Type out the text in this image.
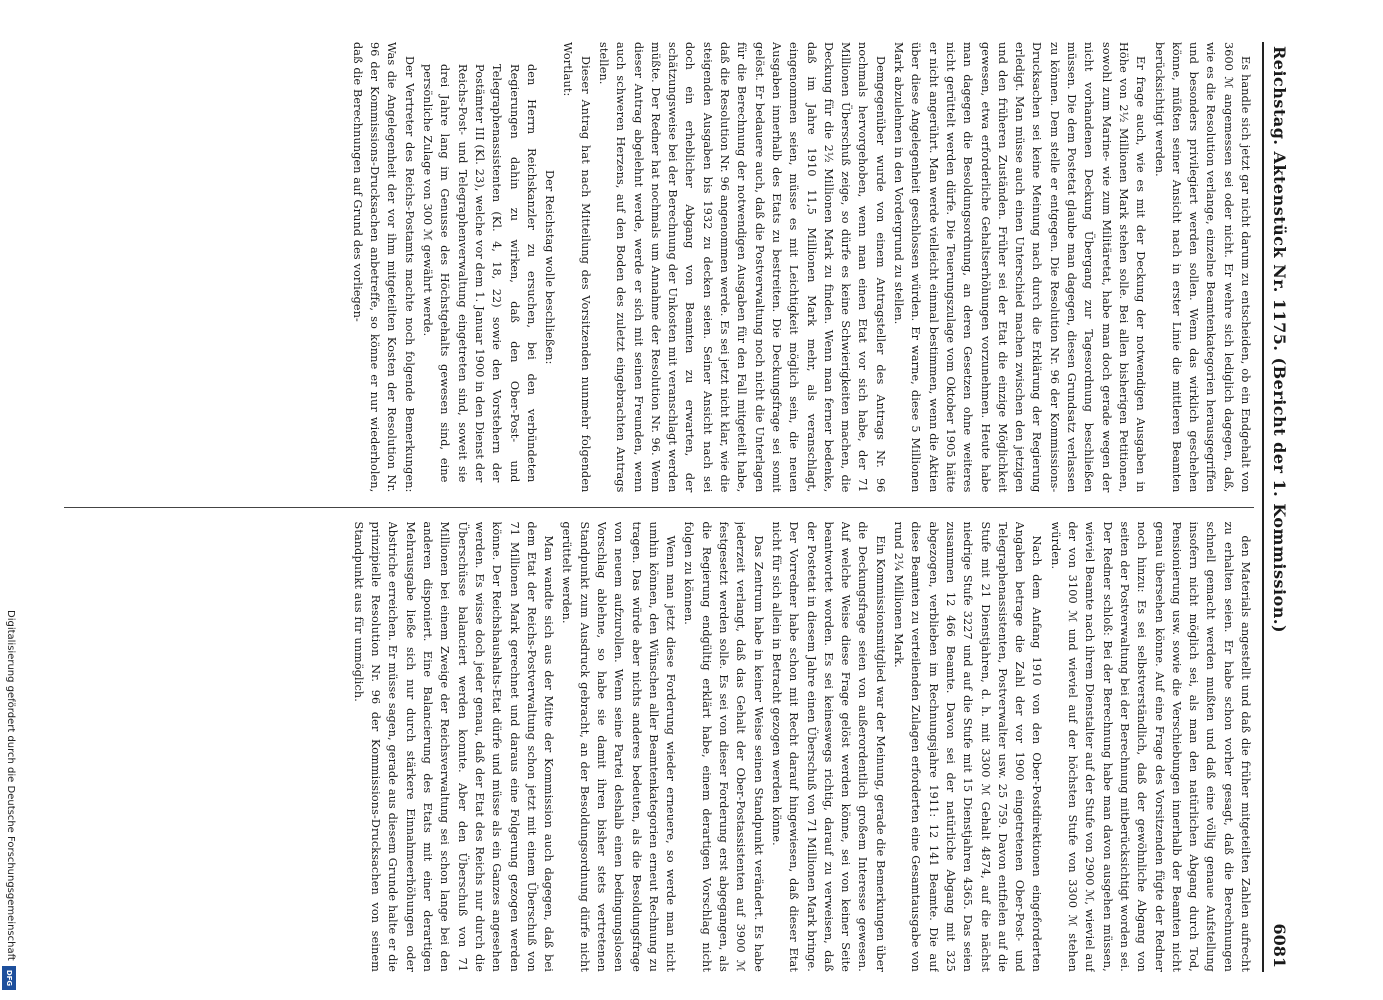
Reichstag. Aktenstück Nr. 1175. (Bericht der 1. Kommission.)
6081

Es handle sich jetzt gar nicht darum zu entscheiden, ob ein Endgehalt von 3600 ℳ angemessen sei oder nicht. Er wehre sich lediglich dagegen, daß, wie es die Resolution verlange, einzelne Beamtenkategorien herausgegriffen und besonders privilegiert werden sollen. Wenn das wirklich geschehen könne, müßten seiner Ansicht nach in erster Linie die mittleren Beamten berücksichtigt werden.

Er frage auch, wie es mit der Deckung der notwendigen Ausgaben in Höhe von 2½ Millionen Mark stehen solle. Bei allen bisherigen Petitionen, sowohl zum Marine- wie zum Militäretat, habe man doch gerade wegen der nicht vorhandenen Deckung Übergang zur Tagesordnung beschließen müssen. Die dem Postetat glaube man dagegen, diesen Grundsatz verlassen zu können. Dem stelle er entgegen. Die Resolution Nr. 96 der Kommissions-Drucksachen sei keine Meinung nach durch die Erklärung der Regierung erledigt. Man müsse auch einen Unterschied machen zwischen den jetzigen und den früheren Zuständen. Früher sei der Etat die einzige Möglichkeit gewesen, etwa erforderliche Gehaltserhöhungen vorzunehmen. Heute habe man dagegen die Besoldungsordnung, an deren Gesetzen ohne weiteres nicht gerüttelt werden dürfe. Die Teuerungszulage vom Oktober 1905 hätte er nicht angerührt. Man werde vielleicht einmal bestimmen, wenn die Aktien über diese Angelegenheit geschlossen würden. Er warne, diese 5 Millionen Mark abzulehnen in den Vordergrund zu stellen.

Demgegenüber wurde von einem Antragsteller des Antrags Nr. 96 nochmals hervorgehoben, wenn man einen Etat vor sich habe, der 71 Millionen Überschuß zeige, so dürfe es keine Schwierigkeiten machen, die Deckung für die 2½ Millionen Mark zu finden. Wenn man ferner bedenke, daß im Jahre 1910 11,5 Millionen Mark mehr, als veranschlagt, eingenommen seien, müsse es mit Leichtigkeit möglich sein, die neuen Ausgaben innerhalb des Etats zu bestreiten. Die Deckungsfrage sei somit gelöst. Er bedauere auch, daß die Postverwaltung noch nicht die Unterlagen für die Berechnung der notwendigen Ausgaben für den Fall mitgeteilt habe, daß die Resolution Nr. 96 angenommen werde. Es sei jetzt nicht klar, wie die steigenden Ausgaben bis 1932 zu decken seien. Seiner Ansicht nach sei doch ein erheblicher Abgang von Beamten zu erwarten, der schätzungsweise bei der Berechnung der Unkosten mit veranschlagt werden müßte. Der Redner hat nochmals um Annahme der Resolution Nr. 96. Wenn dieser Antrag abgelehnt werde, werde er sich mit seinen Freunden, wenn auch schweren Herzens, auf den Boden des zuletzt eingebrachten Antrags stellen.

Dieser Antrag hat nach Mitteilung des Vorsitzenden nunmehr folgenden Wortlaut:

Der Reichstag wolle beschließen:

den Herrn Reichskanzler zu ersuchen, bei den verbündeten Regierungen dahin zu wirken, daß den Ober-Post- und Telegraphenassistenten (Kl. 4, 18, 22) sowie den Vorstehern der Postämter III (Kl. 23), welche vor dem 1. Januar 1900 in den Dienst der Reichs-Post- und Telegraphenverwaltung eingetreten sind, soweit sie drei Jahre lang im Genusse des Höchstgehalts gewesen sind, eine persönliche Zulage von 300 ℳ gewährt werde.

Der Vertreter des Reichs-Postamts machte noch folgende Bemerkungen: Was die Angelegenheit der vor ihm mitgeteilten Kosten der Resolution Nr. 96 der Kommissions-Drucksachen anbetreffe, so könne er nur wiederholen, daß die Berechnungen auf Grund des vorliegen-

den Materials angestellt und daß die früher mitgeteilten Zahlen aufrecht zu erhalten seien. Er habe schon vorher gesagt, daß die Berechnungen schnell gemacht werden mußten und daß eine völlig genaue Aufstellung insofern nicht möglich sei, als man den natürlichen Abgang durch Tod, Pensionierung usw. sowie die Verschiebungen innerhalb der Beamten nicht genau übersehen könne. Auf eine Frage des Vorsitzenden fügte der Redner noch hinzu: Es sei selbstverständlich, daß der gewöhnliche Abgang von seiten der Postverwaltung bei der Berechnung mitberücksichtigt worden sei. Der Redner schloß: Bei der Berechnung habe man davon ausgehen müssen, wieviel Beamte nach ihrem Dienstalter auf der Stufe von 2900 ℳ, wieviel auf der von 3100 ℳ und wieviel auf der höchsten Stufe von 3300 ℳ stehen würden.

Nach dem Anfang 1910 von den Ober-Postdirektionen eingeforderten Angaben betrage die Zahl der vor 1900 eingetretenen Ober-Post- und Telegraphenassistenten, Postverwalter usw. 25 759. Davon entfielen auf die Stufe mit 21 Dienstjahren, d. h. mit 3300 ℳ Gehalt 4874, auf die nächst niedrige Stufe 3227 und auf die Stufe mit 15 Dienstjahren 4365. Das seien zusammen 12 466 Beamte. Davon sei der natürliche Abgang mit 325 abgezogen, verblieben im Rechnungsjahre 1911: 12 141 Beamte. Die auf diese Beamten zu verteilenden Zulagen erforderten eine Gesamtausgabe von rund 2¼ Millionen Mark.

Ein Kommissionsmitglied war der Meinung, gerade die Bemerkungen über die Deckungsfrage seien von außerordentlich großem Interesse gewesen. Auf welche Weise diese Frage gelöst werden könne, sei von keiner Seite beantwortet worden. Es sei keineswegs richtig, darauf zu verweisen, daß der Postetat in diesem Jahre einen Überschuß von 71 Millionen Mark bringe. Der Vorredner habe schon mit Recht darauf hingewiesen, daß dieser Etat nicht für sich allein in Betracht gezogen werden könne.

Das Zentrum habe in keiner Weise seinen Standpunkt verändert. Es habe jederzeit verlangt, daß das Gehalt der Ober-Postassistenten auf 3900 ℳ festgesetzt werden solle. Es sei von dieser Forderung erst abgegangen, als die Regierung endgültig erklärt habe, einem derartigen Vorschlag nicht folgen zu können.

Wenn man jetzt diese Forderung wieder erneuere, so werde man nicht umhin können, den Wünschen aller Beamtenkategorien erneut Rechnung zu tragen. Das würde aber nichts anderes bedeuten, als die Besoldungsfrage von neuem aufzurollen. Wenn seine Partei deshalb einen bedingungslosen Vorschlag ablehne, so habe sie damit ihren bisher stets vertretenen Standpunkt zum Ausdruck gebracht, an der Besoldungsordnung dürfe nicht gerüttelt werden.

Man wandte sich aus der Mitte der Kommission auch dagegen, daß bei dem Etat der Reichs-Postverwaltung schon jetzt mit einem Überschuß von 71 Millionen Mark gerechnet und daraus eine Folgerung gezogen werden könne. Der Reichshaushalts-Etat dürfe und müsse als ein Ganzes angesehen werden. Es wisse doch jeder genau, daß der Etat des Reichs nur durch die Überschüsse balanciert werden konnte. Aber den Überschuß von 71 Millionen bei einem Zweige der Reichsverwaltung sei schon lange bei den anderen disponiert. Eine Balancierung des Etats mit einer derartigen Mehrausgabe ließe sich nur durch stärkere Einnahmeerhöhungen oder Abstriche erreichen. Er müsse sagen, gerade aus diesem Grunde halte er die prinzipielle Resolution Nr. 96 der Kommissions-Drucksachen von seinem Standpunkt aus für unmöglich.

Digitalisierung gefördert durch die Deutsche Forschungsgemeinschaft
DFG
